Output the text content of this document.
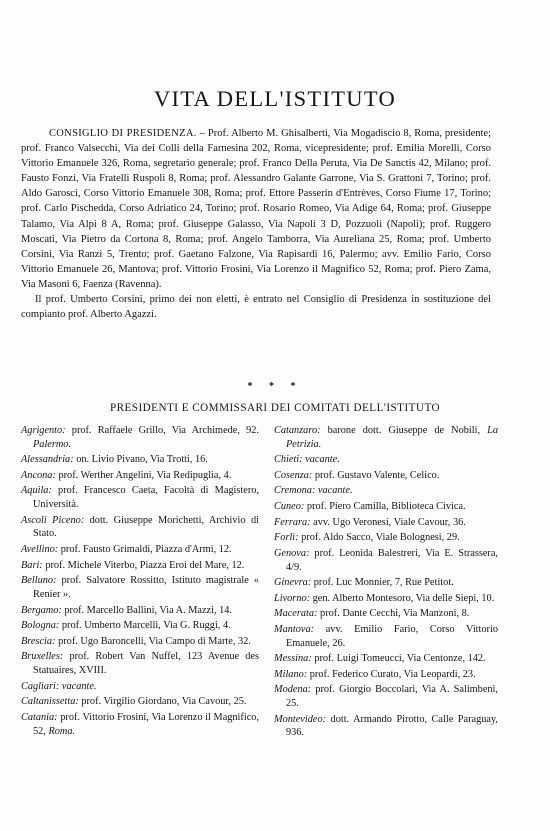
VITA DELL'ISTITUTO

CONSIGLIO DI PRESIDENZA. – Prof. Alberto M. Ghisalberti, Via Mogadiscio 8, Roma, presidente; prof. Franco Valsecchi, Via dei Colli della Farnesina 202, Roma, vicepresidente; prof. Emilia Morelli, Corso Vittorio Emanuele 326, Roma, segretario generale; prof. Franco Della Peruta, Via De Sanctis 42, Milano; prof. Fausto Fonzi, Via Fratelli Ruspoli 8, Roma; prof. Alessandro Galante Garrone, Via S. Grattoni 7, Torino; prof. Aldo Garosci, Corso Vittorio Emanuele 308, Roma; prof. Ettore Passerin d'Entrèves, Corso Fiume 17, Torino; prof. Carlo Pischedda, Corso Adriatico 24, Torino; prof. Rosario Romeo, Via Adige 64, Roma; prof. Giuseppe Talamo, Via Alpi 8 A, Roma; prof. Giuseppe Galasso, Via Napoli 3 D, Pozzuoli (Napoli); prof. Ruggero Moscati, Via Pietro da Cortona 8, Roma; prof. Angelo Tamborra, Via Aureliana 25, Roma; prof. Umberto Corsini, Via Ranzi 5, Trento; prof. Gaetano Falzone, Via Rapisardi 16, Palermo; avv. Emilio Fario, Corso Vittorio Emanuele 26, Mantova; prof. Vittorio Frosini, Via Lorenzo il Magnifico 52, Roma; prof. Piero Zama, Via Masoni 6, Faenza (Ravenna).

Il prof. Umberto Corsini, primo dei non eletti, è entrato nel Consiglio di Presidenza in sostituzione del compianto prof. Alberto Agazzi.

* * *
PRESIDENTI E COMMISSARI DEI COMITATI DELL'ISTITUTO

Agrigento: prof. Raffaele Grillo, Via Archimede, 92. Palermo.

Alessandria: on. Livio Pivano, Via Trotti, 16.

Ancona: prof. Werther Angelini, Via Redipuglia, 4.

Aquila: prof. Francesco Caeta, Facoltà di Magistero, Università.

Ascoli Piceno: dott. Giuseppe Morichetti, Archivio di Stato.

Avellino: prof. Fausto Grimaldi, Piazza d'Armi, 12.

Bari: prof. Michele Viterbo, Piazza Eroi del Mare, 12.

Belluno: prof. Salvatore Rossitto, Istituto magistrale « Renier ».

Bergamo: prof. Marcello Ballini, Via A. Mazzi, 14.

Bologna: prof. Umberto Marcelli, Via G. Ruggi, 4.

Brescia: prof. Ugo Baroncelli, Via Campo di Marte, 32.

Bruxelles: prof. Robert Van Nuffel, 123 Avenue des Statuaires, XVIII.

Cagliari: vacante.

Caltanissetta: prof. Virgilio Giordano, Via Cavour, 25.

Catania: prof. Vittorio Frosini, Via Lorenzo il Magnifico, 52, Roma.

Catanzaro: barone dott. Giuseppe de Nobili, La Petrizia.

Chieti: vacante.

Cosenza: prof. Gustavo Valente, Celico.

Cremona: vacante.

Cuneo: prof. Piero Camilla, Biblioteca Civica.

Ferrara: avv. Ugo Veronesi, Viale Cavour, 36.

Forlì: prof. Aldo Sacco, Viale Bolognesi, 29.

Genova: prof. Leonida Balestreri, Via E. Strassera, 4/9.

Ginevra: prof. Luc Monnier, 7, Rue Petitot.

Livorno: gen. Alberto Montesoro, Via delle Siepi, 10.

Macerata: prof. Dante Cecchi, Via Manzoni, 8.

Mantova: avv. Emilio Fario, Corso Vittorio Emanuele, 26.

Messina: prof. Luigi Tomeucci, Via Centonze, 142.

Milano: prof. Federico Curato, Via Leopardi, 23.

Modena: prof. Giorgio Boccolari, Via A. Salimbeni, 25.

Montevideo: dott. Armando Pirotto, Calle Paraguay, 936.
